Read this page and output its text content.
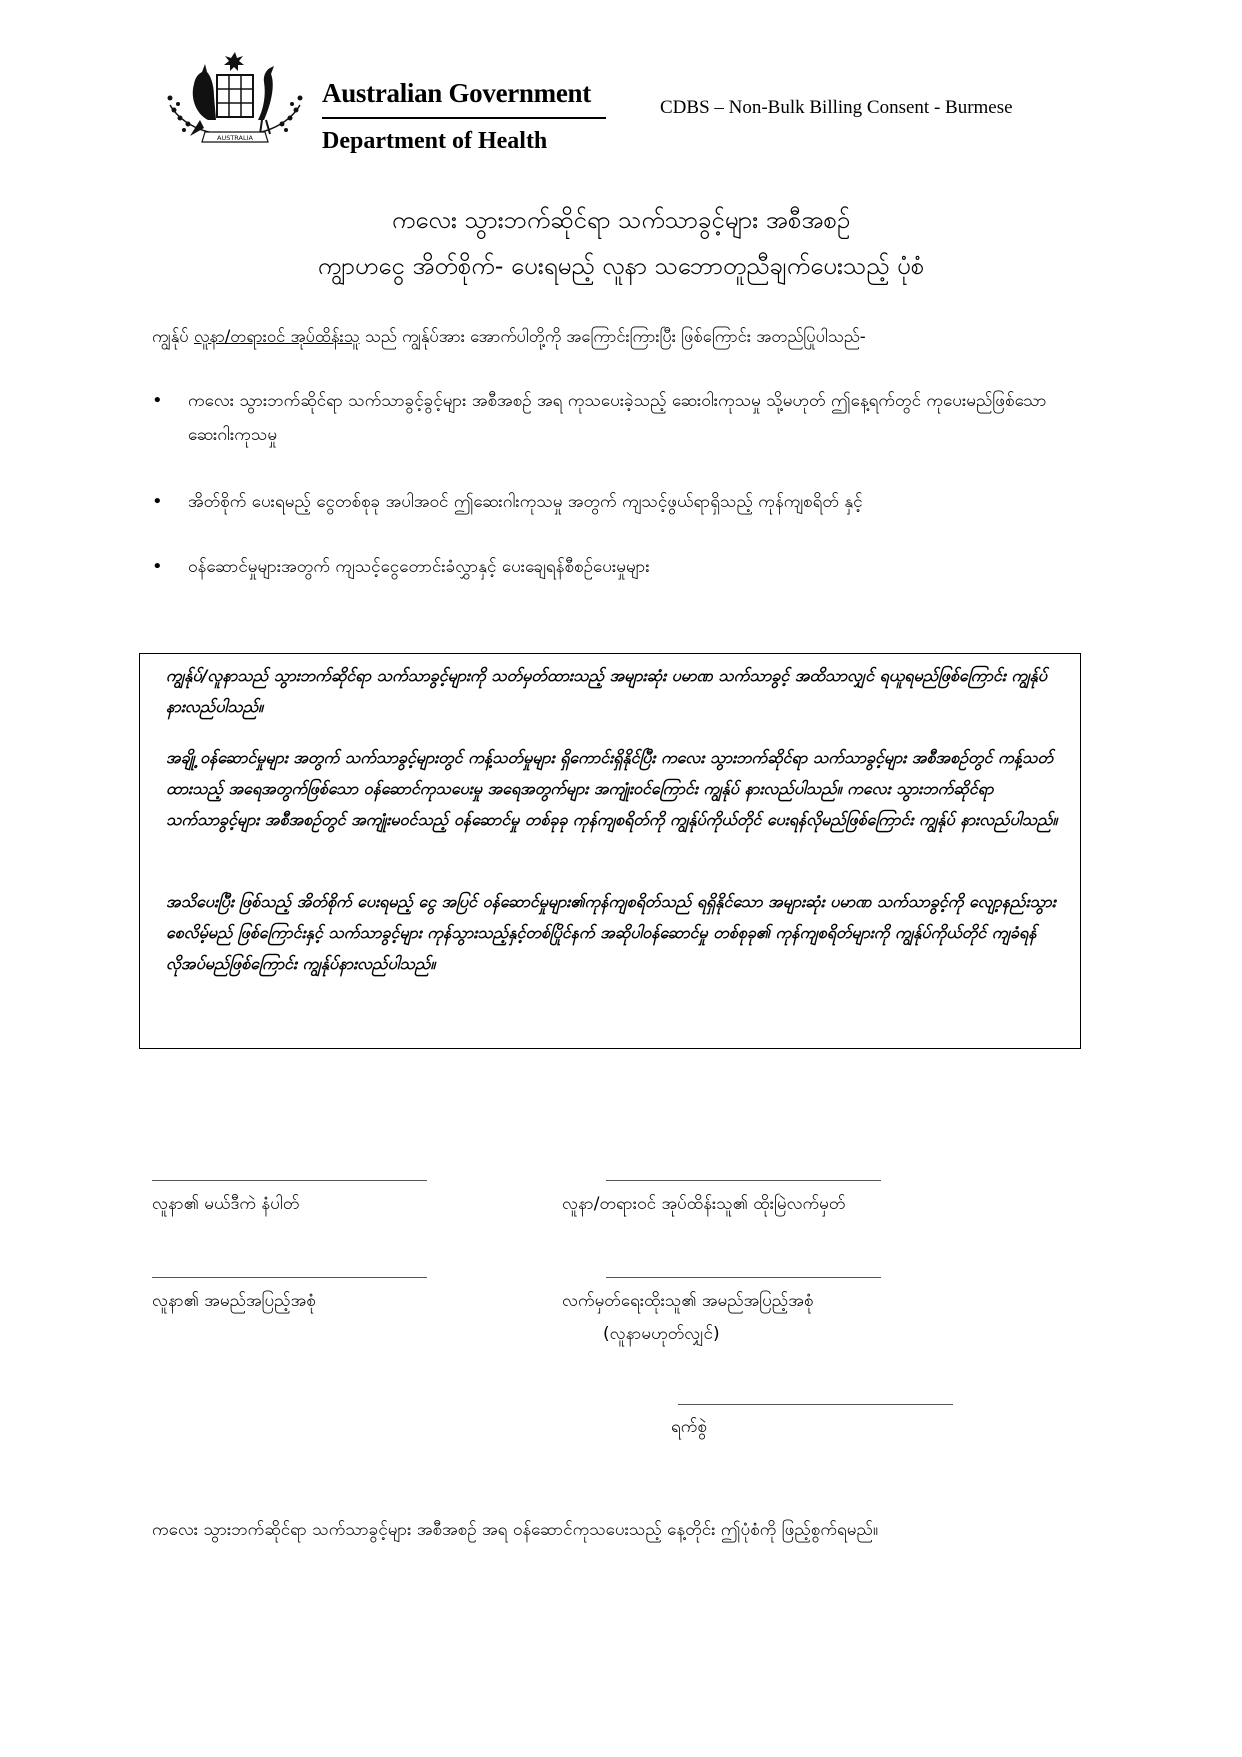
AUSTRALIA
Australian Government
Department of Health
CDBS – Non-Bulk Billing Consent - Burmese
ကလေး သွားဘက်ဆိုင်ရာ သက်သာခွင့်များ အစီအစဉ်
ကျွာဟငွေ အိတ်စိုက်- ပေးရမည့် လူနာ သဘောတူညီချက်ပေးသည့် ပုံစံ
ကျွန်ုပ် လူနာ/တရားဝင် အုပ်ထိန်းသူ သည် ကျွန်ုပ်အား အောက်ပါတို့ကို အကြောင်းကြားပြီး ဖြစ်ကြောင်း အတည်ပြုပါသည်-
• ကလေး သွားဘက်ဆိုင်ရာ သက်သာခွင့်ခွင့်များ အစီအစဉ် အရ ကုသပေးခဲ့သည့် ဆေးဝါးကုသမှု သို့မဟုတ် ဤနေ့ရက်တွင် ကုပေးမည်ဖြစ်သော ဆေးဂါးကုသမှု
• အိတ်စိုက် ပေးရမည့် ငွေတစ်စုခု အပါအဝင် ဤဆေးဂါးကုသမှု အတွက် ကျသင့်ဖွယ်ရာရှိသည့် ကုန်ကျစရိတ် နှင့်
• ဝန်ဆောင်မှုများအတွက် ကျသင့်ငွေတောင်းခံလွှာနှင့် ပေးချေရန်စီစဉ်ပေးမှုများ

ကျွန်ုပ်/လူနာသည် သွားဘက်ဆိုင်ရာ သက်သာခွင့်များကို သတ်မှတ်ထားသည့် အများဆုံး ပမာဏ သက်သာခွင့် အထိသာလျှင် ရယူရမည်ဖြစ်ကြောင်း ကျွန်ုပ် နားလည်ပါသည်။

အချို့ ဝန်ဆောင်မှုများ အတွက် သက်သာခွင့်များတွင် ကန့်သတ်မှုများ ရှိကောင်းရှိနိုင်ပြီး ကလေး သွားဘက်ဆိုင်ရာ သက်သာခွင့်များ အစီအစဉ်တွင် ကန့်သတ်ထားသည့် အရေအတွက်ဖြစ်သော ဝန်ဆောင်ကုသပေးမှု အရေအတွက်များ အကျုံးဝင်ကြောင်း ကျွန်ုပ် နားလည်ပါသည်။ ကလေး သွားဘက်ဆိုင်ရာ သက်သာခွင့်များ အစီအစဉ်တွင် အကျုံးမဝင်သည့် ဝန်ဆောင်မှု တစ်ခုခု ကုန်ကျစရိတ်ကို ကျွန်ုပ်ကိုယ်တိုင် ပေးရန်လိုမည်ဖြစ်ကြောင်း ကျွန်ုပ် နားလည်ပါသည်။

အသိပေးပြီး ဖြစ်သည့် အိတ်စိုက် ပေးရမည့် ငွေ အပြင် ဝန်ဆောင်မှုများ၏ကုန်ကျစရိတ်သည် ရရှိနိုင်သော အများဆုံး ပမာဏ သက်သာခွင့်ကို လျော့နည်းသွားစေလိမ့်မည် ဖြစ်ကြောင်းနှင့် သက်သာခွင့်များ ကုန်သွားသည့်နှင့်တစ်ပြိုင်နက် အဆိုပါဝန်ဆောင်မှု တစ်စုခု၏ ကုန်ကျစရိတ်များကို ကျွန်ုပ်ကိုယ်တိုင် ကျခံရန် လိုအပ်မည်ဖြစ်ကြောင်း ကျွန်ုပ်နားလည်ပါသည်။

လူနာ၏ မယ်ဒီကဲ နံပါတ်	လူနာ/တရားဝင် အုပ်ထိန်းသူ၏ ထိုးမြဲလက်မှတ်
လူနာ၏ အမည်အပြည့်အစုံ	လက်မှတ်ရေးထိုးသူ၏ အမည်အပြည့်အစုံ
(လူနာမဟုတ်လျှင်)
ရက်စွဲ
ကလေး သွားဘက်ဆိုင်ရာ သက်သာခွင့်များ အစီအစဉ် အရ ဝန်ဆောင်ကုသပေးသည့် နေ့တိုင်း ဤပုံစံကို ဖြည့်စွက်ရမည်။
